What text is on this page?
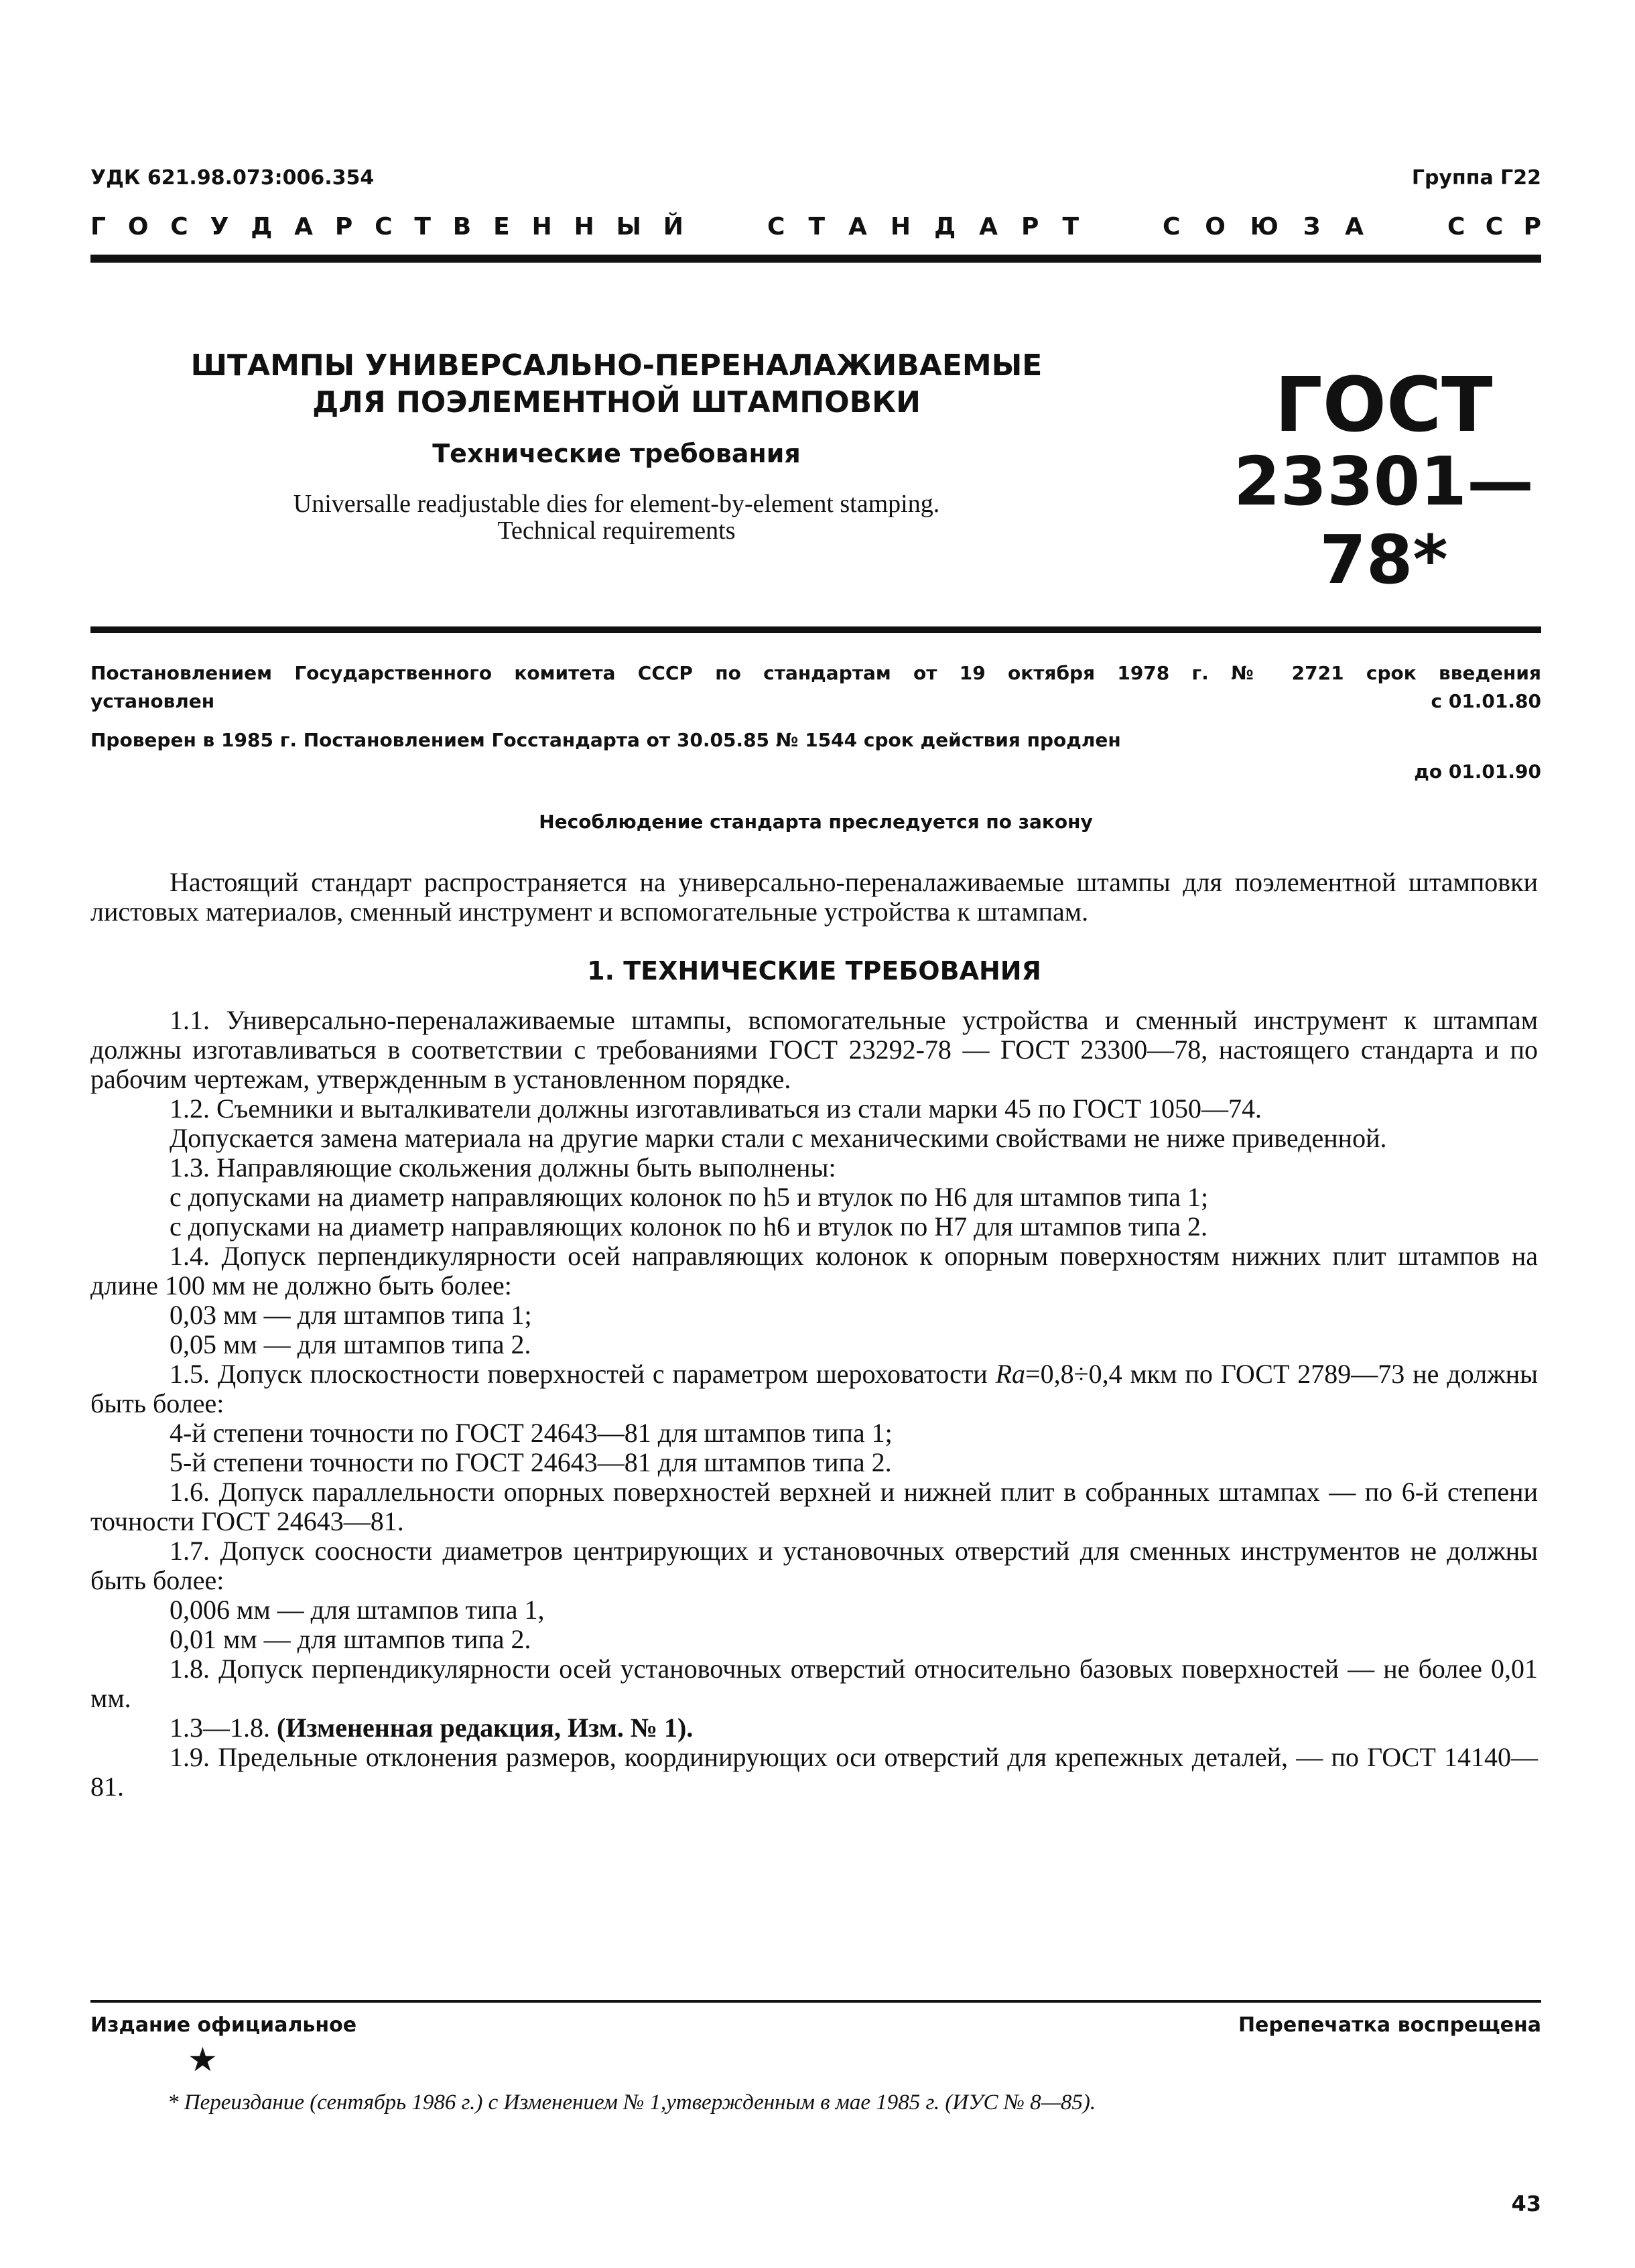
УДК 621.98.073:006.354	Группа Г22
Г О С У Д А Р С Т В Е Н Н Ы Й	С Т А Н Д А Р Т	С О Ю З А	С С Р
ШТАМПЫ УНИВЕРСАЛЬНО-ПЕРЕНАЛАЖИВАЕМЫЕ
ДЛЯ ПОЭЛЕМЕНТНОЙ ШТАМПОВКИ
Технические требования
Universalle readjustable dies for element-by-element stamping.
Technical requirements
ГОСТ
23301—78*
Постановлением Государственного комитета СССР по стандартам от 19 октября 1978 г. № 2721 срок введения
установлен	с 01.01.80
Проверен в 1985 г. Постановлением Госстандарта от 30.05.85 № 1544 срок действия продлен
до 01.01.90
Несоблюдение стандарта преследуется по закону

Настоящий стандарт распространяется на универсально-переналаживаемые штампы для поэлементной штамповки листовых материалов, сменный инструмент и вспомогательные устройства к штампам.

1. ТЕХНИЧЕСКИЕ ТРЕБОВАНИЯ

1.1. Универсально-переналаживаемые штампы, вспомогательные устройства и сменный инструмент к штампам должны изготавливаться в соответствии с требованиями ГОСТ 23292-78 — ГОСТ 23300—78, настоящего стандарта и по рабочим чертежам, утвержденным в установленном порядке.

1.2. Съемники и выталкиватели должны изготавливаться из стали марки 45 по ГОСТ 1050—74.

Допускается замена материала на другие марки стали с механическими свойствами не ниже приведенной.

1.3. Направляющие скольжения должны быть выполнены:

с допусками на диаметр направляющих колонок по h5 и втулок по H6 для штампов типа 1;

с допусками на диаметр направляющих колонок по h6 и втулок по H7 для штампов типа 2.

1.4. Допуск перпендикулярности осей направляющих колонок к опорным поверхностям нижних плит штампов на длине 100 мм не должно быть более:

0,03 мм — для штампов типа 1;

0,05 мм — для штампов типа 2.

1.5. Допуск плоскостности поверхностей с параметром шероховатости Ra=0,8÷0,4 мкм по ГОСТ 2789—73 не должны быть более:

4-й степени точности по ГОСТ 24643—81 для штампов типа 1;

5-й степени точности по ГОСТ 24643—81 для штампов типа 2.

1.6. Допуск параллельности опорных поверхностей верхней и нижней плит в собранных штампах — по 6-й степени точности ГОСТ 24643—81.

1.7. Допуск соосности диаметров центрирующих и установочных отверстий для сменных инструментов не должны быть более:

0,006 мм — для штампов типа 1,

0,01 мм — для штампов типа 2.

1.8. Допуск перпендикулярности осей установочных отверстий относительно базовых поверхностей — не более 0,01 мм.

1.3—1.8. (Измененная редакция, Изм. № 1).

1.9. Предельные отклонения размеров, координирующих оси отверстий для крепежных деталей, — по ГОСТ 14140—81.

Издание официальное	Перепечатка воспрещена
★
* Переиздание (сентябрь 1986 г.) с Изменением № 1,утвержденным в мае 1985 г. (ИУС № 8—85).
43
